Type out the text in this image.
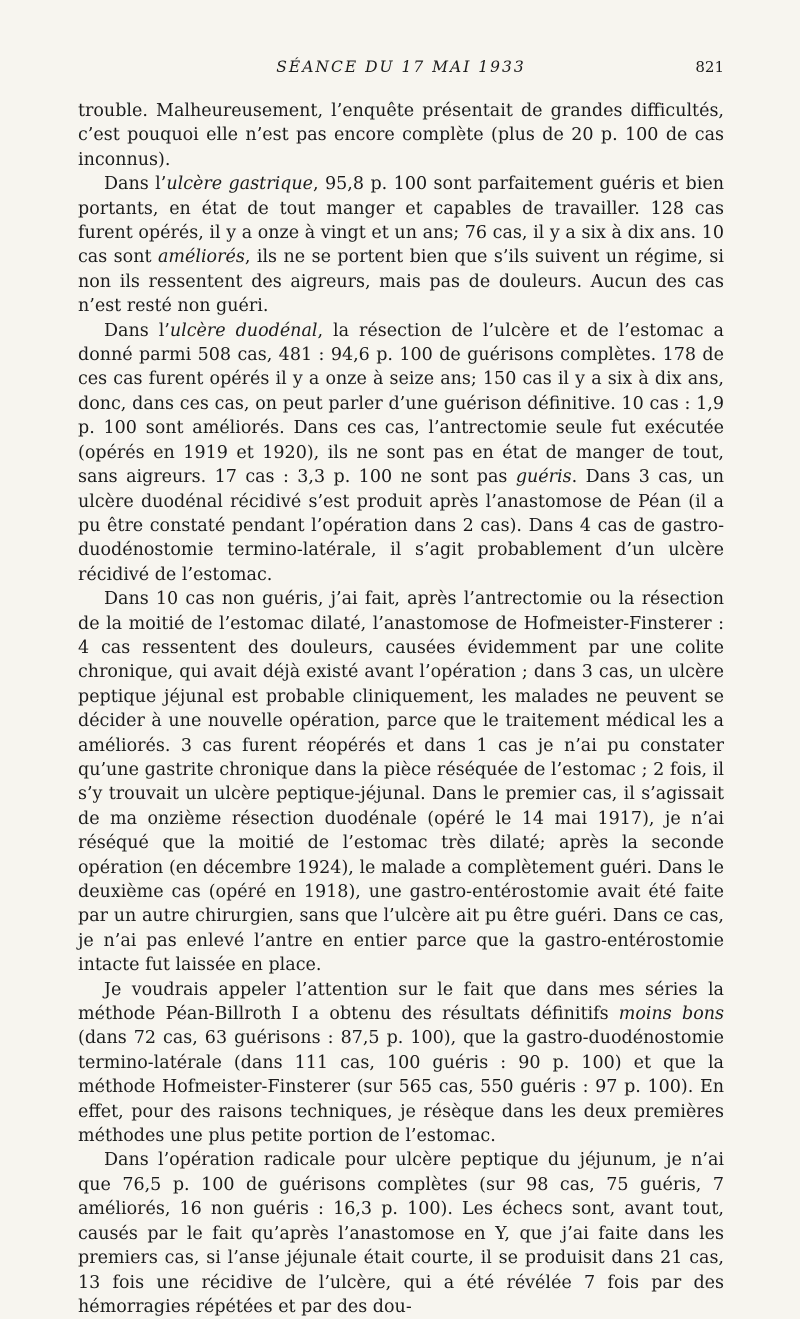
SÉANCE DU 17 MAI 1933	821

trouble. Malheureusement, l’enquête présentait de grandes difficultés, c’est pouquoi elle n’est pas encore complète (plus de 20 p. 100 de cas inconnus).

Dans l’ulcère gastrique, 95,8 p. 100 sont parfaitement guéris et bien portants, en état de tout manger et capables de travailler. 128 cas furent opérés, il y a onze à vingt et un ans; 76 cas, il y a six à dix ans. 10 cas sont améliorés, ils ne se portent bien que s’ils suivent un régime, si non ils ressentent des aigreurs, mais pas de douleurs. Aucun des cas n’est resté non guéri.

Dans l’ulcère duodénal, la résection de l’ulcère et de l’estomac a donné parmi 508 cas, 481 : 94,6 p. 100 de guérisons complètes. 178 de ces cas furent opérés il y a onze à seize ans; 150 cas il y a six à dix ans, donc, dans ces cas, on peut parler d’une guérison définitive. 10 cas : 1,9 p. 100 sont améliorés. Dans ces cas, l’antrectomie seule fut exécutée (opérés en 1919 et 1920), ils ne sont pas en état de manger de tout, sans aigreurs. 17 cas : 3,3 p. 100 ne sont pas guéris. Dans 3 cas, un ulcère duodénal récidivé s’est produit après l’anastomose de Péan (il a pu être constaté pendant l’opération dans 2 cas). Dans 4 cas de gastro-duodénostomie termino-latérale, il s’agit probablement d’un ulcère récidivé de l’estomac.

Dans 10 cas non guéris, j’ai fait, après l’antrectomie ou la résection de la moitié de l’estomac dilaté, l’anastomose de Hofmeister-Finsterer : 4 cas ressentent des douleurs, causées évidemment par une colite chronique, qui avait déjà existé avant l’opération ; dans 3 cas, un ulcère peptique jéjunal est probable cliniquement, les malades ne peuvent se décider à une nouvelle opération, parce que le traitement médical les a améliorés. 3 cas furent réopérés et dans 1 cas je n’ai pu constater qu’une gastrite chronique dans la pièce réséquée de l’estomac ; 2 fois, il s’y trouvait un ulcère peptique-jéjunal. Dans le premier cas, il s’agissait de ma onzième résection duodénale (opéré le 14 mai 1917), je n’ai réséqué que la moitié de l’estomac très dilaté; après la seconde opération (en décembre 1924), le malade a complètement guéri. Dans le deuxième cas (opéré en 1918), une gastro-entérostomie avait été faite par un autre chirurgien, sans que l’ulcère ait pu être guéri. Dans ce cas, je n’ai pas enlevé l’antre en entier parce que la gastro-entérostomie intacte fut laissée en place.

Je voudrais appeler l’attention sur le fait que dans mes séries la méthode Péan-Billroth I a obtenu des résultats définitifs moins bons (dans 72 cas, 63 guérisons : 87,5 p. 100), que la gastro-duodénostomie termino-latérale (dans 111 cas, 100 guéris : 90 p. 100) et que la méthode Hofmeister-Finsterer (sur 565 cas, 550 guéris : 97 p. 100). En effet, pour des raisons techniques, je résèque dans les deux premières méthodes une plus petite portion de l’estomac.

Dans l’opération radicale pour ulcère peptique du jéjunum, je n’ai que 76,5 p. 100 de guérisons complètes (sur 98 cas, 75 guéris, 7 améliorés, 16 non guéris : 16,3 p. 100). Les échecs sont, avant tout, causés par le fait qu’après l’anastomose en Y, que j’ai faite dans les premiers cas, si l’anse jéjunale était courte, il se produisit dans 21 cas, 13 fois une récidive de l’ulcère, qui a été révélée 7 fois par des hémorragies répétées et par des dou-
